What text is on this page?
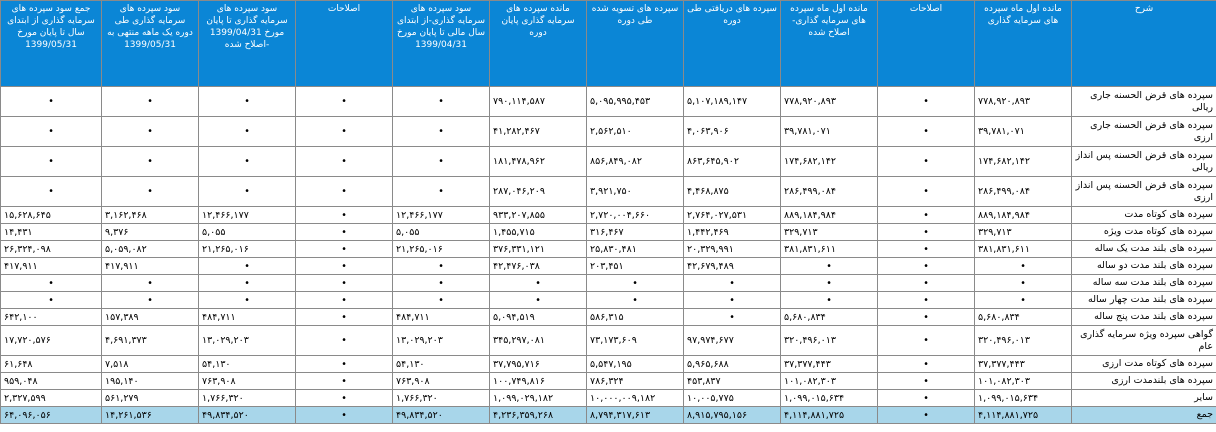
شرح	مانده اول ماه سپرده های سرمایه گذاری	اصلاحات	مانده اول ماه سپرده های سرمایه گذاری- اصلاح شده	سپرده های دریافتی طی دوره	سپرده های تسویه شده طی دوره	مانده سپرده های سرمایه گذاری پایان دوره	سود سپرده های سرمایه گذاری-از ابتدای سال مالی تا پایان مورخ 1399/04/31	اصلاحات	سود سپرده های سرمایه گذاری تا پایان مورخ 1399/04/31 -اصلاح شده	سود سپرده های سرمایه گذاری طی دوره یک ماهه منتهی به 1399/05/31	جمع سود سپرده های سرمایه گذاری از ابتدای سال تا پایان مورخ 1399/05/31
سپرده های قرض الحسنه جاری ریالی	۷۷۸,۹۲۰,۸۹۳	•	۷۷۸,۹۲۰,۸۹۳	۵,۱۰۷,۱۸۹,۱۴۷	۵,۰۹۵,۹۹۵,۴۵۳	۷۹۰,۱۱۴,۵۸۷	•	•	•	•	•
سپرده های قرض الحسنه جاری ارزی	۳۹,۷۸۱,۰۷۱	•	۳۹,۷۸۱,۰۷۱	۴,۰۶۳,۹۰۶	۲,۵۶۲,۵۱۰	۴۱,۲۸۲,۴۶۷	•	•	•	•	•
سپرده های قرض الحسنه پس انداز ریالی	۱۷۴,۶۸۲,۱۴۲	•	۱۷۴,۶۸۲,۱۴۲	۸۶۳,۶۴۵,۹۰۲	۸۵۶,۸۴۹,۰۸۲	۱۸۱,۴۷۸,۹۶۲	•	•	•	•	•
سپرده های قرض الحسنه پس انداز ارزی	۲۸۶,۴۹۹,۰۸۴	•	۲۸۶,۴۹۹,۰۸۴	۴,۴۶۸,۸۷۵	۳,۹۲۱,۷۵۰	۲۸۷,۰۴۶,۲۰۹	•	•	•	•	•
سپرده های کوتاه مدت	۸۸۹,۱۸۴,۹۸۴	•	۸۸۹,۱۸۴,۹۸۴	۲,۷۶۴,۰۲۷,۵۳۱	۲,۷۲۰,۰۰۴,۶۶۰	۹۳۳,۲۰۷,۸۵۵	۱۲,۴۶۶,۱۷۷	•	۱۲,۴۶۶,۱۷۷	۳,۱۶۲,۴۶۸	۱۵,۶۲۸,۶۴۵
سپرده های کوتاه مدت ویژه	۳۲۹,۷۱۳	•	۳۲۹,۷۱۳	۱,۴۴۲,۴۶۹	۳۱۶,۴۶۷	۱,۴۵۵,۷۱۵	۵,۰۵۵	•	۵,۰۵۵	۹,۳۷۶	۱۴,۴۳۱
سپرده های بلند مدت یک ساله	۳۸۱,۸۳۱,۶۱۱	•	۳۸۱,۸۳۱,۶۱۱	۲۰,۳۲۹,۹۹۱	۲۵,۸۳۰,۴۸۱	۳۷۶,۳۳۱,۱۲۱	۲۱,۲۶۵,۰۱۶	•	۲۱,۲۶۵,۰۱۶	۵,۰۵۹,۰۸۲	۲۶,۳۲۴,۰۹۸
سپرده های بلند مدت دو ساله	•	•	•	۴۲,۶۷۹,۴۸۹	۲۰۳,۴۵۱	۴۲,۴۷۶,۰۳۸	•	•	•	۴۱۷,۹۱۱	۴۱۷,۹۱۱
سپرده های بلند مدت سه ساله	•	•	•	•	•	•	•	•	•	•	•
سپرده های بلند مدت چهار ساله	•	•	•	•	•	•	•	•	•	•	•
سپرده های بلند مدت پنج ساله	۵,۶۸۰,۸۳۴	•	۵,۶۸۰,۸۳۴	•	۵۸۶,۳۱۵	۵,۰۹۴,۵۱۹	۴۸۴,۷۱۱	•	۴۸۴,۷۱۱	۱۵۷,۳۸۹	۶۴۲,۱۰۰
گواهی سپرده ویژه سرمایه گذاری عام	۳۲۰,۴۹۶,۰۱۳	•	۳۲۰,۴۹۶,۰۱۳	۹۷,۹۷۴,۶۷۷	۷۳,۱۷۳,۶۰۹	۳۴۵,۲۹۷,۰۸۱	۱۳,۰۲۹,۲۰۳	•	۱۳,۰۲۹,۲۰۳	۴,۶۹۱,۳۷۳	۱۷,۷۲۰,۵۷۶
سپرده های کوتاه مدت ارزی	۳۷,۳۷۷,۴۴۳	•	۳۷,۳۷۷,۴۴۳	۵,۹۶۵,۶۸۸	۵,۵۴۷,۱۹۵	۳۷,۷۹۵,۷۱۶	۵۴,۱۳۰	•	۵۴,۱۳۰	۷,۵۱۸	۶۱,۶۴۸
سپرده های بلندمدت ارزی	۱۰۱,۰۸۲,۳۰۳	•	۱۰۱,۰۸۲,۳۰۳	۴۵۳,۸۳۷	۷۸۶,۳۲۴	۱۰۰,۷۴۹,۸۱۶	۷۶۳,۹۰۸	•	۷۶۳,۹۰۸	۱۹۵,۱۴۰	۹۵۹,۰۴۸
سایر	۱,۰۹۹,۰۱۵,۶۳۴	•	۱,۰۹۹,۰۱۵,۶۳۴	۱۰,۰۰۵,۷۷۵	۱۰,۰۰۰,۰۰۹,۱۸۲	۱,۰۹۹,۰۲۹,۱۸۲	۱,۷۶۶,۳۲۰	•	۱,۷۶۶,۳۲۰	۵۶۱,۲۷۹	۲,۳۲۷,۵۹۹
جمع	۴,۱۱۴,۸۸۱,۷۲۵	•	۴,۱۱۴,۸۸۱,۷۲۵	۸,۹۱۵,۷۹۵,۱۵۶	۸,۷۹۴,۳۱۷,۶۱۳	۴,۲۳۶,۳۵۹,۲۶۸	۴۹,۸۳۴,۵۲۰	•	۴۹,۸۳۴,۵۲۰	۱۴,۲۶۱,۵۳۶	۶۴,۰۹۶,۰۵۶
